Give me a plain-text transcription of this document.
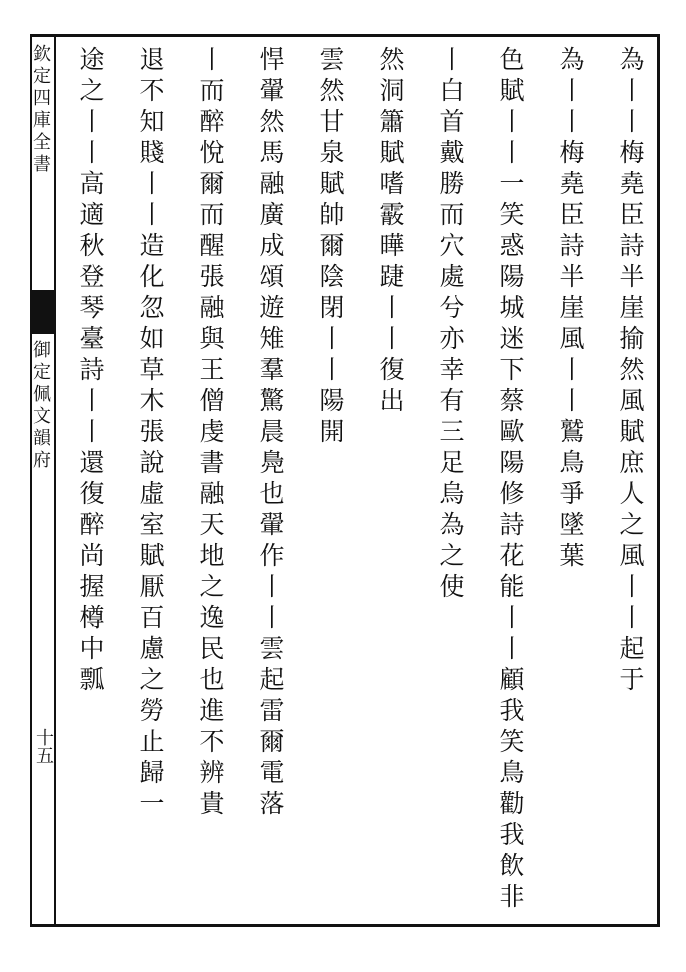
欽
定
四
庫
全
書
御
定
佩
文
韻
府
十五
為
丨
丨
梅
堯
臣
詩
半
崖
揄
然
風
賦
庶
人
之
風
丨
丨
起
于
為
丨
丨
梅
堯
臣
詩
半
崖
風
丨
丨
鷲
鳥
爭
墜
葉
色
賦
丨
丨
一
笑
惑
陽
城
迷
下
蔡
歐
陽
修
詩
花
能
丨
丨
顧
我
笑
鳥
勸
我
飲
非
丨
白
首
戴
勝
而
穴
處
兮
亦
幸
有
三
足
烏
為
之
使
然
洞
簫
賦
嗜
霰
曄
踕
丨
丨
復
出
雲
然
甘
泉
賦
帥
爾
陰
閉
丨
丨
陽
開
悍
翬
然
馬
融
廣
成
頌
遊
雉
羣
驚
晨
鳧
也
翬
作
丨
丨
雲
起
雷
爾
電
落
丨
而
醉
悅
爾
而
醒
張
融
與
王
僧
虔
書
融
天
地
之
逸
民
也
進
不
辨
貴
退
不
知
賤
丨
丨
造
化
忽
如
草
木
張
說
虛
室
賦
厭
百
慮
之
勞
止
歸
一
途
之
丨
丨
高
適
秋
登
琴
臺
詩
丨
丨
還
復
醉
尚
握
樽
中
瓢
